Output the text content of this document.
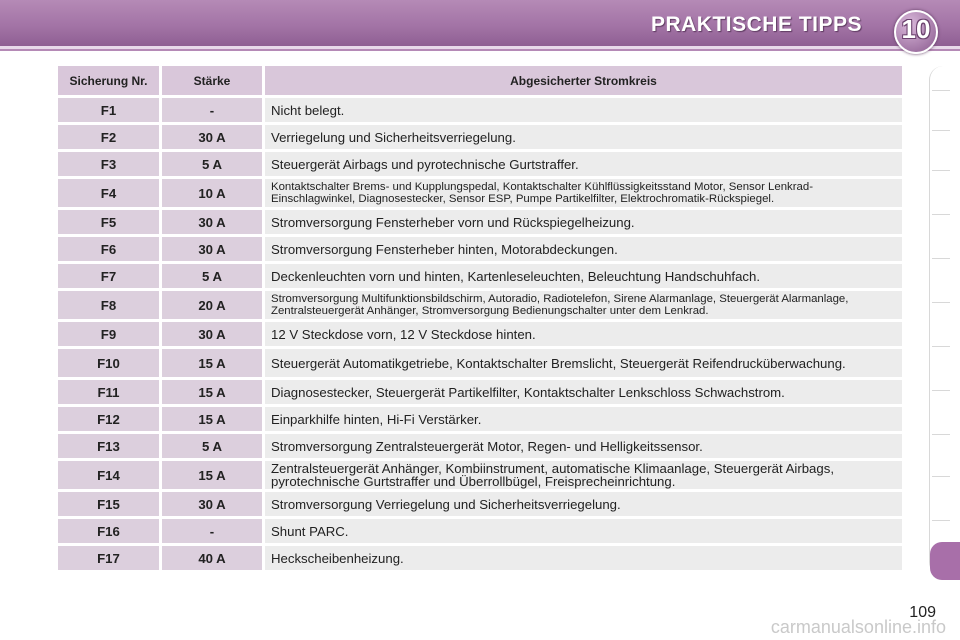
PRAKTISCHE TIPPS 10
Sicherung Nr.	Stärke	Abgesicherter Stromkreis
F1	-	Nicht belegt.
F2	30 A	Verriegelung und Sicherheitsverriegelung.
F3	5 A	Steuergerät Airbags und pyrotechnische Gurtstraffer.
F4	10 A	Kontaktschalter Brems- und Kupplungspedal, Kontaktschalter Kühlflüssigkeitsstand Motor, Sensor Lenkrad-Einschlagwinkel, Diagnosestecker, Sensor ESP, Pumpe Partikelfilter, Elektrochromatik-Rückspiegel.
F5	30 A	Stromversorgung Fensterheber vorn und Rückspiegelheizung.
F6	30 A	Stromversorgung Fensterheber hinten, Motorabdeckungen.
F7	5 A	Deckenleuchten vorn und hinten, Kartenleseleuchten, Beleuchtung Handschuhfach.
F8	20 A	Stromversorgung Multifunktionsbildschirm, Autoradio, Radiotelefon, Sirene Alarmanlage, Steuergerät Alarmanlage, Zentralsteuergerät Anhänger, Stromversorgung Bedienungschalter unter dem Lenkrad.
F9	30 A	12 V Steckdose vorn, 12 V Steckdose hinten.
F10	15 A	Steuergerät Automatikgetriebe, Kontaktschalter Bremslicht, Steuergerät Reifendrucküberwachung.
F11	15 A	Diagnosestecker, Steuergerät Partikelfilter, Kontaktschalter Lenkschloss Schwachstrom.
F12	15 A	Einparkhilfe hinten, Hi-Fi Verstärker.
F13	5 A	Stromversorgung Zentralsteuergerät Motor, Regen- und Helligkeitssensor.
F14	15 A	Zentralsteuergerät Anhänger, Kombiinstrument, automatische Klimaanlage, Steuergerät Airbags, pyrotechnische Gurtstraffer und Überrollbügel, Freisprecheinrichtung.
F15	30 A	Stromversorgung Verriegelung und Sicherheitsverriegelung.
F16	-	Shunt PARC.
F17	40 A	Heckscheibenheizung.
109
carmanualsonline.info
